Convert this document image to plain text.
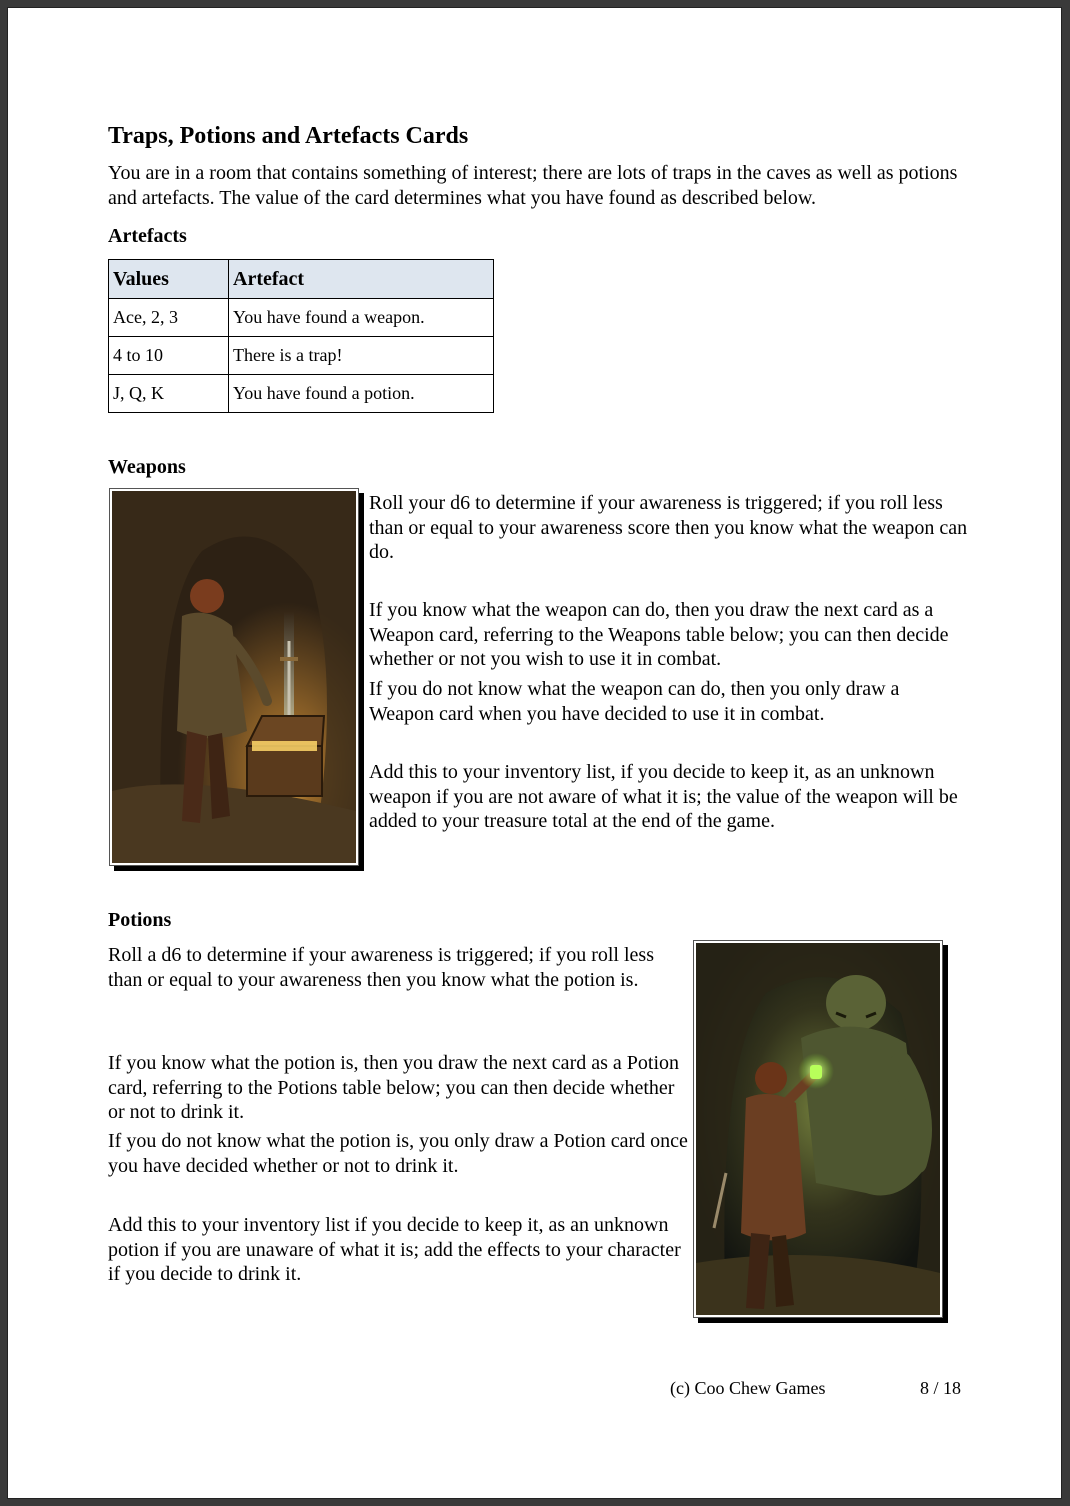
Traps, Potions and Artefacts Cards

You are in a room that contains something of interest; there are lots of traps in the caves as well as potions and artefacts. The value of the card determines what you have found as described below.

Artefacts
Values	Artefact
Ace, 2, 3	You have found a weapon.
4 to 10	There is a trap!
J, Q, K	You have found a potion.
Weapons

Roll your d6 to determine if your awareness is triggered; if you roll less than or equal to your awareness score then you know what the weapon can do.

If you know what the weapon can do, then you draw the next card as a Weapon card, referring to the Weapons table below; you can then decide whether or not you wish to use it in combat.

If you do not know what the weapon can do, then you only draw a Weapon card when you have decided to use it in combat.

Add this to your inventory list, if you decide to keep it, as an unknown weapon if you are not aware of what it is; the value of the weapon will be added to your treasure total at the end of the game.

Potions

Roll a d6 to determine if your awareness is triggered; if you roll less than or equal to your awareness then you know what the potion is.

If you know what the potion is, then you draw the next card as a Potion card, referring to the Potions table below; you can then decide whether or not to drink it.

If you do not know what the potion is, you only draw a Potion card once you have decided whether or not to drink it.

Add this to your inventory list if you decide to keep it, as an unknown potion if you are unaware of what it is; add the effects to your character if you decide to drink it.

(c) Coo Chew Games	8 / 18
